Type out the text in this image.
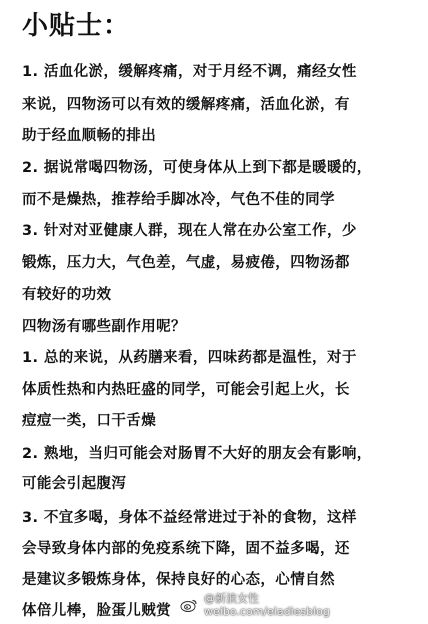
小贴士：
1. 活血化淤，缓解疼痛，对于月经不调，痛经女性
来说，四物汤可以有效的缓解疼痛，活血化淤，有
助于经血顺畅的排出
2. 据说常喝四物汤，可使身体从上到下都是暖暖的，
而不是燥热，推荐给手脚冰冷，气色不佳的同学
3. 针对对亚健康人群，现在人常在办公室工作，少
锻炼，压力大，气色差，气虚，易疲倦，四物汤都
有较好的功效
四物汤有哪些副作用呢？
1. 总的来说，从药膳来看，四味药都是温性，对于
体质性热和内热旺盛的同学，可能会引起上火，长
痘痘一类，口干舌燥
2. 熟地，当归可能会对肠胃不大好的朋友会有影响，
可能会引起腹泻
3. 不宜多喝，身体不益经常进过于补的食物，这样
会导致身体内部的免疫系统下降，固不益多喝，还
是建议多锻炼身体，保持良好的心态，心情自然
体倍儿棒，脸蛋儿贼赏
@新浪女性
weibo.com/eladiesblog
